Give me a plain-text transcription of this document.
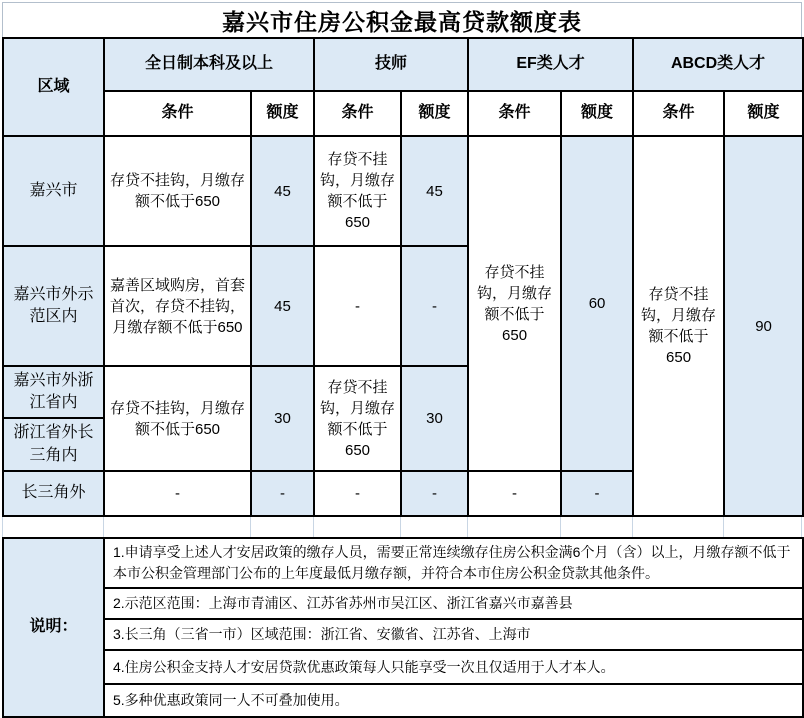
嘉兴市住房公积金最高贷款额度表
区域	全日制本科及以上		技师		EF类人才		ABCD类人才	
	条件	额度	条件	额度	条件	额度	条件	额度
嘉兴市	存贷不挂钩，月缴存额不低于650	45	存贷不挂钩，月缴存额不低于650	45	存贷不挂钩，月缴存额不低于650	60	存贷不挂钩，月缴存额不低于650	90
嘉兴市外示范区内	嘉善区域购房，首套首次，存贷不挂钩，月缴存额不低于650	45	-	-				
嘉兴市外浙江省内	存贷不挂钩，月缴存额不低于650	30	存贷不挂钩，月缴存额不低于650	30				
浙江省外长三角内								
长三角外	-	-	-	-	-	-		
说明：	1.申请享受上述人才安居政策的缴存人员，需要正常连续缴存住房公积金满6个月（含）以上，月缴存额不低于本市公积金管理部门公布的上年度最低月缴存额，并符合本市住房公积金贷款其他条件。
2.示范区范围：上海市青浦区、江苏省苏州市吴江区、浙江省嘉兴市嘉善县
3.长三角（三省一市）区域范围：浙江省、安徽省、江苏省、上海市
4.住房公积金支持人才安居贷款优惠政策每人只能享受一次且仅适用于人才本人。
5.多种优惠政策同一人不可叠加使用。
